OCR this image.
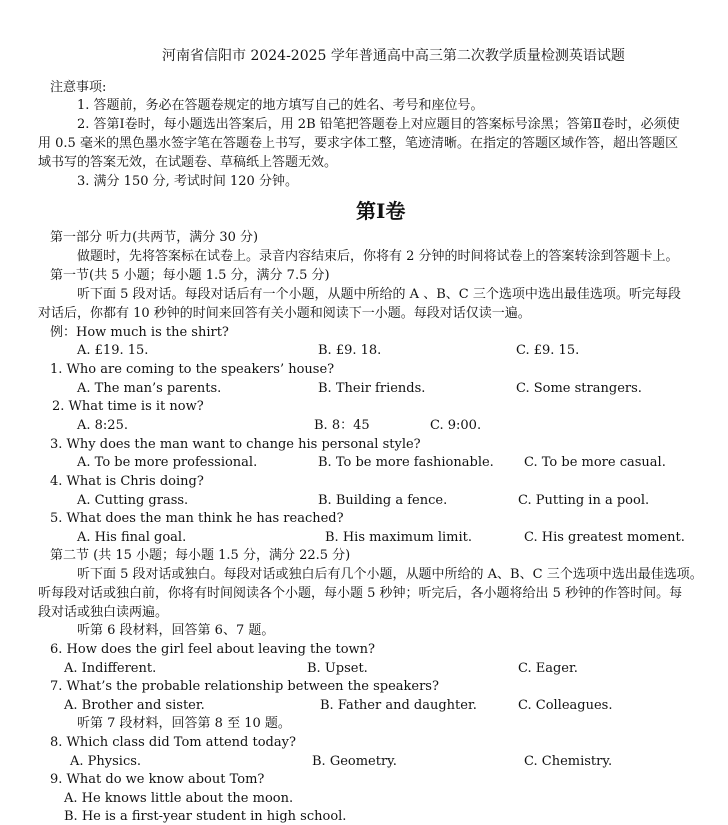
河南省信阳市 2024-2025 学年普通高中高三第二次教学质量检测英语试题
注意事项:
1. 答题前，务必在答题卷规定的地方填写自己的姓名、考号和座位号。
2. 答第Ⅰ卷时，每小题选出答案后，用 2B 铅笔把答题卷上对应题目的答案标号涂黑；答第Ⅱ卷时，必须使
用 0.5 毫米的黑色墨水签字笔在答题卷上书写，要求字体工整，笔迹清晰。在指定的答题区域作答，超出答题区
域书写的答案无效，在试题卷、草稿纸上答题无效。
3. 满分 150 分, 考试时间 120 分钟。
第Ⅰ卷
第一部分 听力(共两节，满分 30 分)
做题时，先将答案标在试卷上。录音内容结束后，你将有 2 分钟的时间将试卷上的答案转涂到答题卡上。
第一节(共 5 小题；每小题 1.5 分，满分 7.5 分)
听下面 5 段对话。每段对话后有一个小题，从题中所给的 A 、B、C 三个选项中选出最佳选项。听完每段
对话后，你都有 10 秒钟的时间来回答有关小题和阅读下一小题。每段对话仅读一遍。
例：How much is the shirt?
A. £19. 15.	B. £9. 18.	C. £9. 15.
1. Who are coming to the speakers’ house?
A. The man’s parents.	B. Their friends.	C. Some strangers.
2. What time is it now?
A. 8:25.	B. 8：45	C. 9:00.
3. Why does the man want to change his personal style?
A. To be more professional.	B. To be more fashionable. C. To be more casual.
4. What is Chris doing?
A. Cutting grass.	B. Building a fence.	C. Putting in a pool.
5. What does the man think he has reached?
A. His final goal.	B. His maximum limit.	C. His greatest moment.
第二节 (共 15 小题；每小题 1.5 分，满分 22.5 分)
听下面 5 段对话或独白。每段对话或独白后有几个小题，从题中所给的 A、B、C 三个选项中选出最佳选项。
听每段对话或独白前，你将有时间阅读各个小题，每小题 5 秒钟；听完后，各小题将给出 5 秒钟的作答时间。每
段对话或独白读两遍。
听第 6 段材料，回答第 6、7 题。
6. How does the girl feel about leaving the town?
A. Indifferent.	B. Upset.	C. Eager.
7. What’s the probable relationship between the speakers?
A. Brother and sister.	B. Father and daughter.	C. Colleagues.
听第 7 段材料，回答第 8 至 10 题。
8. Which class did Tom attend today?
A. Physics.	B. Geometry.	C. Chemistry.
9. What do we know about Tom?
A. He knows little about the moon.
B. He is a first-year student in high school.
